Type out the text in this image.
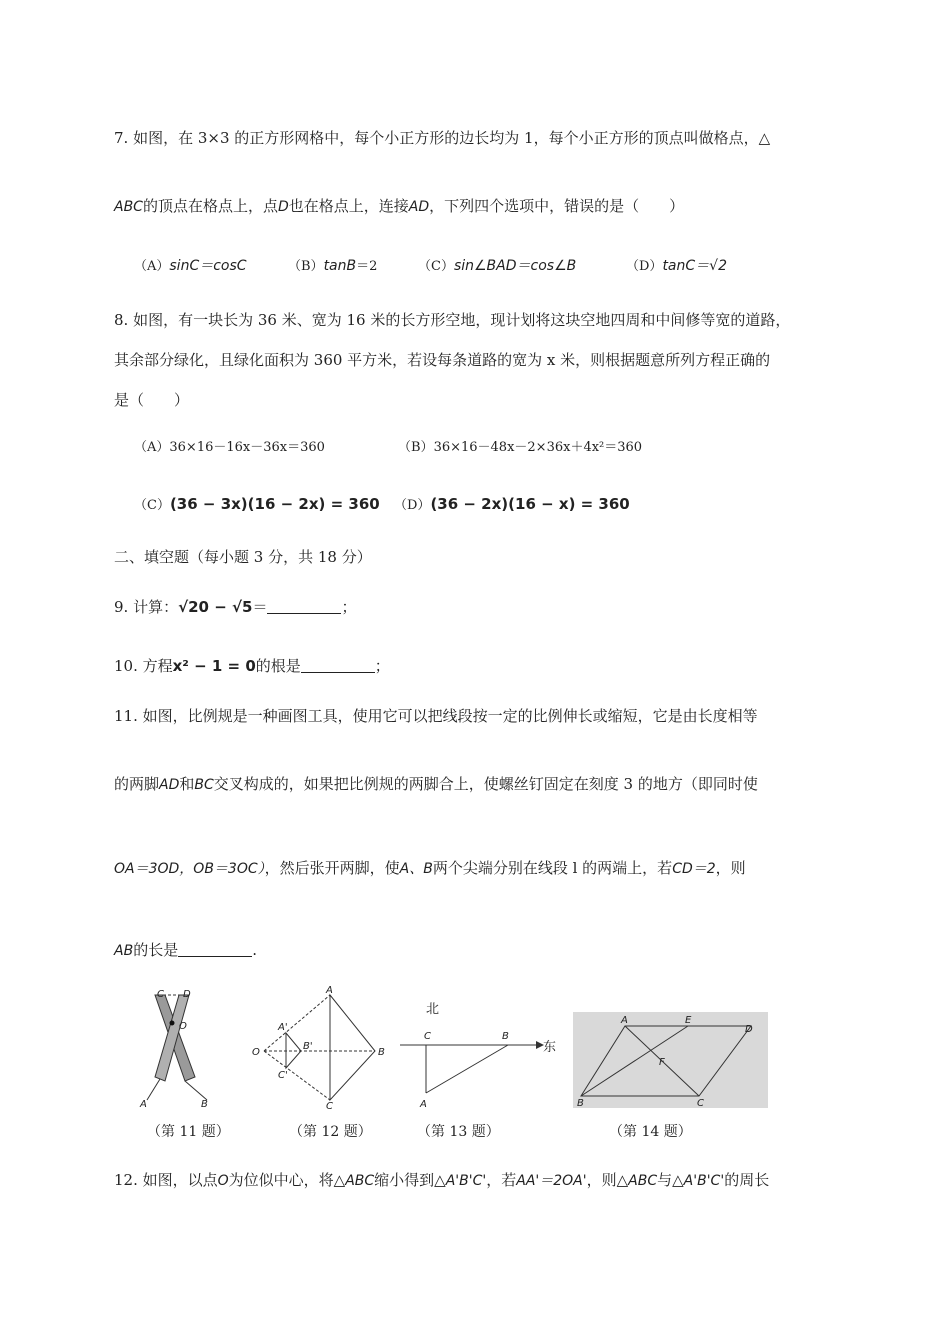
7. 如图，在 3×3 的正方形网格中，每个小正方形的边长均为 1，每个小正方形的顶点叫做格点，△
ABC的顶点在格点上，点D也在格点上，连接AD，下列四个选项中，错误的是（　　）
（A）sinC＝cosC	（B）tanB＝2	（C）sin∠BAD＝cos∠B	（D）tanC＝√2
8. 如图，有一块长为 36 米、宽为 16 米的长方形空地，现计划将这块空地四周和中间修等宽的道路，
其余部分绿化，且绿化面积为 360 平方米，若设每条道路的宽为 x 米，则根据题意所列方程正确的
是（　　）
（A）36×16－16x－36x＝360	（B）36×16－48x－2×36x＋4x²＝360
（C）(36 − 3x)(16 − 2x) = 360 （D）(36 − 2x)(16 − x) = 360
二、填空题（每小题 3 分，共 18 分）
9. 计算：√20 − √5＝	；
10. 方程x² − 1 = 0的根是	；
11. 如图，比例规是一种画图工具，使用它可以把线段按一定的比例伸长或缩短，它是由长度相等
的两脚AD和BC交叉构成的，如果把比例规的两脚合上，使螺丝钉固定在刻度 3 的地方（即同时使
OA＝3OD，OB＝3OC），然后张开两脚，使A、B两个尖端分别在线段 l 的两端上，若CD＝2，则
AB的长是	.
C D
O
A	B
O
A
B
C
A'
B'
C'
北
东
C	B
A
A	E
D
F
B	C
（第 11 题）	（第 12 题）	（第 13 题）	（第 14 题）
12. 如图，以点O为位似中心，将△ABC缩小得到△A'B'C'，若AA'＝2OA'，则△ABC与△A'B'C'的周长
